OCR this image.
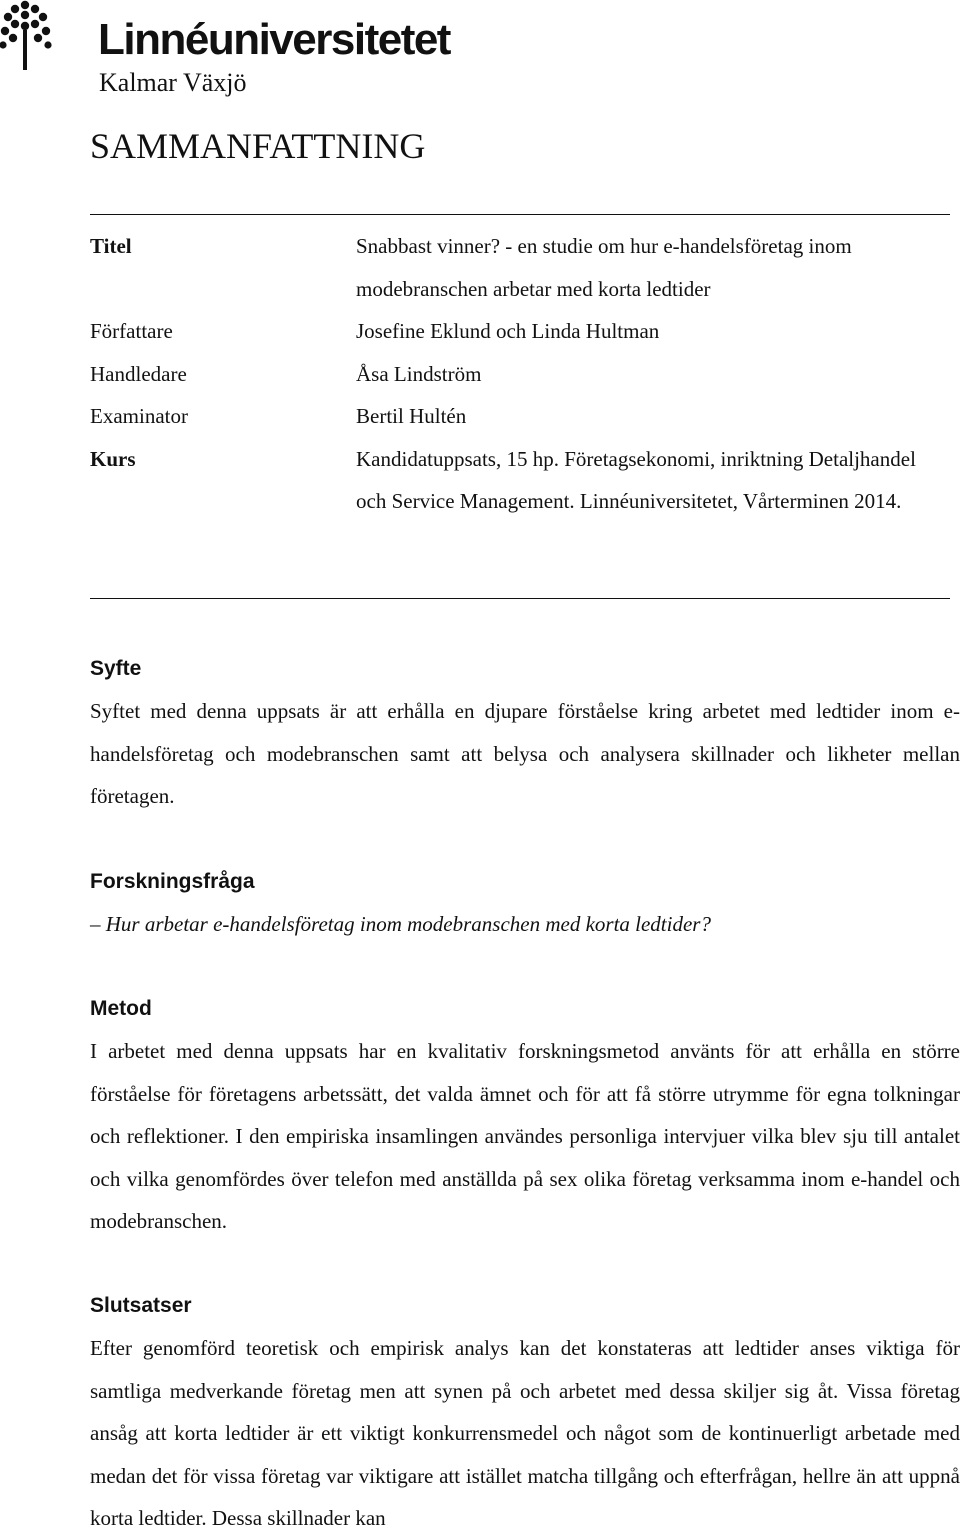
Linnéuniversitetet
Kalmar Växjö
SAMMANFATTNING
Titel	Snabbast vinner? - en studie om hur e-handelsföretag inom modebranschen arbetar med korta ledtider
Författare	Josefine Eklund och Linda Hultman
Handledare	Åsa Lindström
Examinator	Bertil Hultén
Kurs	Kandidatuppsats, 15 hp. Företagsekonomi, inriktning Detaljhandel och Service Management. Linnéuniversitetet, Vårterminen 2014.
Syfte

Syftet med denna uppsats är att erhålla en djupare förståelse kring arbetet med ledtider inom e-handelsföretag och modebranschen samt att belysa och analysera skillnader och likheter mellan företagen.

Forskningsfråga

– Hur arbetar e-handelsföretag inom modebranschen med korta ledtider?

Metod

I arbetet med denna uppsats har en kvalitativ forskningsmetod använts för att erhålla en större förståelse för företagens arbetssätt, det valda ämnet och för att få större utrymme för egna tolkningar och reflektioner. I den empiriska insamlingen användes personliga intervjuer vilka blev sju till antalet och vilka genomfördes över telefon med anställda på sex olika företag verksamma inom e-handel och modebranschen.

Slutsatser

Efter genomförd teoretisk och empirisk analys kan det konstateras att ledtider anses viktiga för samtliga medverkande företag men att synen på och arbetet med dessa skiljer sig åt. Vissa företag ansåg att korta ledtider är ett viktigt konkurrensmedel och något som de kontinuerligt arbetade med medan det för vissa företag var viktigare att istället matcha tillgång och efterfrågan, hellre än att uppnå korta ledtider. Dessa skillnader kan
